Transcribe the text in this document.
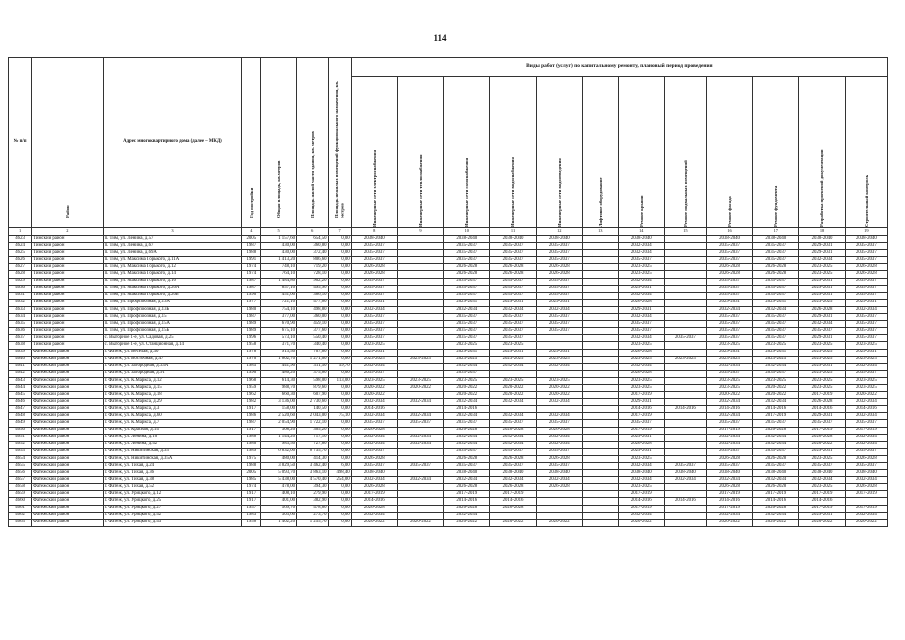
114
№ п/п	Район	Адрес многоквартирного дома (далее – МКД)	Год постройки	Общая площадь, кв.метров	Площадь жилой части здания, кв. метров	Площадь нежилых помещений функционального назначения, кв. метров	Виды работ (услуг) по капитальному ремонту, плановый период проведения											

							Инженерные сети электроснабжения	Инженерные сети теплоснабжения	Инженерные сети газоснабжения	Инженерные сети водоснабжения	Инженерные сети водоотведения	Лифтовое оборудование	Ремонт крыши	Ремонт подвальных помещений	Ремонт фасада	Ремонт фундамента	Разработка проектной документации	Строительный контроль

1	2	3	4	5	6	7	8	9	10	11	12	13	14	15	16	17	18	19
4623	Тимский район	п. Тим, ул. Ленина, д.57	2005	1 157,60	654,50	0,00	2038-2040		2038-2040	2038-2040	2038-2040		2038-2040		2038-2040	2038-2040	2038-2040	2038-2040
4624	Тимский район	п. Тим, ул. Ленина, д.67	1987	430,00	360,80	0,00	2035-2037		2035-2037	2035-2037	2035-2037		2032-2034		2035-2037	2035-2037	2029-2031	2035-2037
4625	Тимский район	п. Тим, ул. Ленина, д.69А	1988	430,00	372,40	0,00	2035-2037		2035-2037	2035-2037	2035-2037		2032-2034		2035-2037	2035-2037	2029-2031	2035-2037
4626	Тимский район	п. Тим, ул. Максима Горького, д.11А	1991	1 413,20	806,60	0,00	2035-2037		2035-2037	2035-2037	2035-2037		2035-2037		2035-2037	2035-2037	2032-2034	2035-2037
4627	Тимский район	п. Тим, ул. Максима Горького, д.12	1974	748,10	719,20	0,00	2026-2028		2026-2028	2026-2028	2026-2028		2023-2025		2026-2028	2026-2028	2023-2025	2026-2028
4628	Тимский район	п. Тим, ул. Максима Горького, д.14	1974	764,10	728,10	0,00	2026-2028		2026-2028	2026-2028	2026-2028		2023-2025		2026-2028	2026-2028	2023-2025	2026-2028
4629	Тимский район	п. Тим, ул. Максима Горького, д.16	1987	1 484,80	902,20	0,00	2035-2037		2035-2037	2035-2037	2035-2037		2032-2034		2035-2037	2035-2037	2029-2031	2035-2037
4630	Тимский район	п. Тим, ул. Максима Горького, д.20А	1987	857,10	495,90	0,00	2035-2037		2035-2037	2035-2037	2035-2037		2029-2031		2035-2037	2035-2037	2029-2031	2035-2037
4631	Тимский район	п. Тим, ул. Максима Горького, д.20Б	1990	451,00	386,10	0,00	2035-2037		2035-2037	2035-2037	2035-2037		2032-2034		2035-2037	2035-2037	2029-2031	2035-2037
4632	Тимский район	п. Тим, ул. Профсоюзная, д.13А	1977	721,10	477,60	0,00	2029-2031		2029-2031	2029-2031	2029-2031		2026-2028		2029-2031	2029-2031	2023-2025	2029-2031
4633	Тимский район	п. Тим, ул. Профсоюзная, д.13Б	1980	754,10	498,80	0,00	2032-2034		2032-2034	2032-2034	2032-2034		2029-2031		2032-2034	2032-2034	2026-2028	2032-2034
4634	Тимский район	п. Тим, ул. Профсоюзная, д.15	1987	377,00	360,00	0,00	2035-2037		2035-2037	2035-2037	2035-2037		2032-2034		2035-2037	2035-2037	2029-2031	2035-2037
4635	Тимский район	п. Тим, ул. Профсоюзная, д.15А	1989	670,90	459,10	0,00	2035-2037		2035-2037	2035-2037	2035-2037		2035-2037		2035-2037	2035-2037	2032-2034	2035-2037
4636	Тимский район	п. Тим, ул. Профсоюзная, д.15Б	1989	675,10	377,60	0,00	2035-2037		2035-2037	2035-2037	2035-2037		2035-2037		2035-2037	2035-2037	2035-2037	2035-2037
4637	Тимский район	с. Выгорное 1-е, ул. Садовая, д.25	1996	573,10	550,40	0,00	2035-2037		2035-2037	2035-2037			2032-2034	2035-2037	2035-2037	2035-2037	2029-2031	2035-2037
4638	Тимский район	с. Выгорное 1-е, ул. Станционная, д.14	1958	371,70	340,40	0,00	2023-2025		2023-2025	2023-2025			2023-2025		2023-2025	2023-2025	2023-2025	2023-2025
4639	Фатежский район	г. Фатеж, ул. Веселая, д.30	1978	913,50	707,80	0,00	2029-2031		2029-2031	2029-2031	2029-2031		2026-2028		2029-2031	2029-2031	2023-2025	2029-2031
4640	Фатежский район	г. Фатеж, ул. Восточная, д.47	1970	1 602,70	1 271,00	0,00	2023-2025	2023-2025	2023-2025	2023-2025	2023-2025		2023-2025	2023-2025	2023-2025	2023-2025	2023-2025	2023-2025
4641	Фатежский район	г. Фатеж, ул. Загородная, д.33А	1985	441,90	311,50	59,70	2032-2034		2032-2034	2032-2034	2032-2034		2032-2034		2032-2034	2032-2034	2029-2031	2032-2034
4642	Фатежский район	г. Фатеж, ул. Загородная, д.91	1990	486,20	375,60	0,00	2035-2037		2035-2037				2026-2028		2035-2037	2035-2037	2023-2025	2035-2037
4643	Фатежский район	г. Фатеж, ул. К.Маркса, д.12	1968	614,30	598,00	113,00	2023-2025	2023-2025	2023-2025	2023-2025	2023-2025		2023-2025		2023-2025	2023-2025	2023-2025	2023-2025
4644	Фатежский район	г. Фатеж, ул. К.Маркса, д.15	1959	988,70	879,60	0,00	2020-2022	2020-2022	2020-2022	2020-2022	2020-2022		2023-2025		2023-2025	2020-2022	2023-2025	2023-2025
4645	Фатежский район	г. Фатеж, ул. К.Маркса, д.18	1962	660,30	607,90	0,00	2020-2022		2020-2022	2020-2022	2020-2022		2017-2019		2020-2022	2020-2022	2017-2019	2020-2022
4646	Фатежский район	г. Фатеж, ул. К.Маркса, д.29	1982	3 136,00	2 730,60	0,00	2032-2034	2032-2034	2032-2034	2032-2034	2032-2034		2029-2031		2032-2034	2032-2034	2026-2028	2032-2034
4647	Фатежский район	г. Фатеж, ул. К.Маркса, д.3	1917	158,00	140,50	0,00	2014-2016		2014-2016				2014-2016	2014-2016	2014-2016	2014-2016	2014-2016	2014-2016
4648	Фатежский район	г. Фатеж, ул. К.Маркса, д.60	1986	2 520,60	2 043,00	75,10	2032-2034	2032-2034	2032-2034	2032-2034	2032-2034		2017-2019		2032-2034	2017-2019	2029-2031	2032-2034
4649	Фатежский район	г. Фатеж, ул. К.Маркса, д.7	1987	2 054,90	1 722,10	0,00	2035-2037	2035-2037	2035-2037	2035-2037	2035-2037		2035-2037		2035-2037	2035-2037	2035-2037	2035-2037
4650	Фатежский район	г. Фатеж, ул. Красная, д.14	1917	308,20	305,20	0,00	2026-2028		2026-2028	2026-2028	2026-2028		2017-2019		2017-2019	2026-2028	2017-2019	2017-2019
4651	Фатежский район	г. Фатеж, ул. Ленина, д.10	1986	1 144,20	717,10	0,00	2032-2034	2032-2034	2032-2034	2032-2034	2032-2034		2029-2031		2032-2034	2032-2034	2026-2028	2032-2034
4652	Фатежский район	г. Фатеж, ул. Ленина, д.42	1980	983,50	727,80	0,00	2032-2034	2032-2034	2032-2034	2032-2034	2032-2034		2026-2028		2032-2034	2032-2034	2020-2022	2032-2034
4653	Фатежский район	г. Фатеж, ул. Никитинская, д.35	1989	6 832,00	6 735,70	0,00	2035-2037		2035-2037	2035-2037	2035-2037		2029-2031		2035-2037	2035-2037	2029-2031	2035-2037
4654	Фатежский район	г. Фатеж, ул. Никитинская, д.35А	1975	480,00	414,30	0,00	2026-2028		2026-2028	2026-2028	2026-2028		2023-2025		2026-2028	2026-2028	2023-2025	2026-2028
4655	Фатежский район	г. Фатеж, ул. Тихая, д.24	1988	3 829,50	3 462,40	6,00	2035-2037	2035-2037	2035-2037	2035-2037	2035-2037		2032-2034	2035-2037	2035-2037	2035-2037	2035-2037	2035-2037
4656	Фатежский район	г. Фатеж, ул. Тихая, д.36	2005	5 093,70	3 863,10	498,40	2038-2040		2038-2040	2038-2040	2038-2040		2038-2040	2038-2040	2038-2040	2038-2040	2038-2040	2038-2040
4657	Фатежский район	г. Фатеж, ул. Тихая, д.38	1985	5 438,00	4 570,40	254,00	2032-2034	2032-2034	2032-2034	2032-2034	2032-2034		2032-2034	2032-2034	2032-2034	2032-2034	2032-2034	2032-2034
4658	Фатежский район	г. Фатеж, ул. Тихая, д.52	1974	478,00	394,30	0,00	2026-2028		2026-2028	2026-2028	2026-2028		2023-2025		2026-2028	2026-2028	2023-2025	2026-2028
4659	Фатежский район	г. Фатеж, ул. Урицкого, д.12	1917	408,10	279,90	0,00	2017-2019		2017-2019	2017-2019			2017-2019		2017-2019	2017-2019	2017-2019	2017-2019
4660	Фатежский район	г. Фатеж, ул. Урицкого, д.25	1917	401,00	382,90	0,00	2014-2016		2014-2016	2014-2016			2014-2016	2014-2016	2014-2016	2014-2016	2014-2016	
4661	Фатежский район	г. Фатеж, ул. Урицкого, д.27	1957	569,70	478,80	0,00	2026-2028		2026-2028	2026-2028			2017-2019		2017-2019	2026-2028	2017-2019	2017-2019
4662	Фатежский район	г. Фатеж, ул. Урицкого, д.42	1983	303,60	273,70	0,00	2032-2034		2032-2034				2032-2034		2032-2034	2032-2034	2029-2031	2032-2034
4663	Фатежский район	г. Фатеж, ул. Урицкого, д.43	1956	1 402,20	1 255,70	0,00	2020-2022	2020-2022	2020-2022	2020-2022	2020-2022		2020-2022		2020-2022	2020-2022	2020-2022	2020-2022
